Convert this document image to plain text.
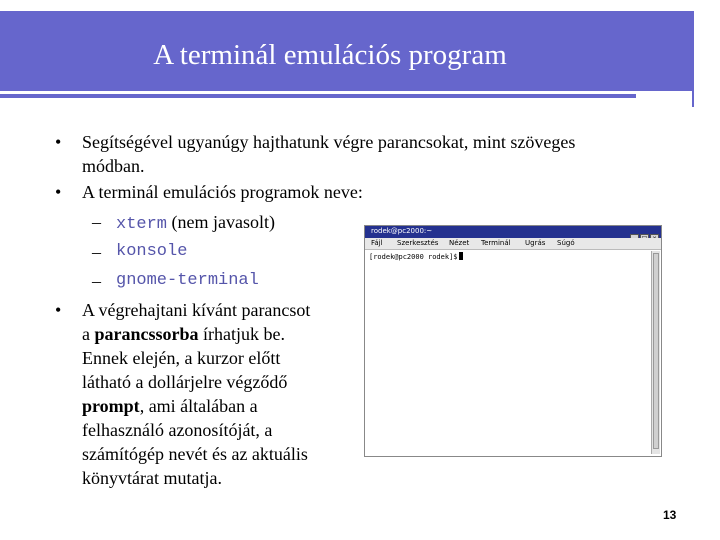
A terminál emulációs program
• Segítségével ugyanúgy hajthatunk végre parancsokat, mint szöveges
módban.
• A terminál emulációs programok neve:
– xterm (nem javasolt)
– konsole
– gnome-terminal
• A végrehajtani kívánt parancsot
a parancssorba írhatjuk be.
Ennek elején, a kurzor előtt
látható a dollárjelre végződő
prompt, ami általában a
felhasználó azonosítóját, a
számítógép nevét és az aktuális
könyvtárat mutatja.
rodek@pc2000:~
Fájl Szerkesztés Nézet Terminál Ugrás Súgó
[rodek@pc2000 rodek]$
13
